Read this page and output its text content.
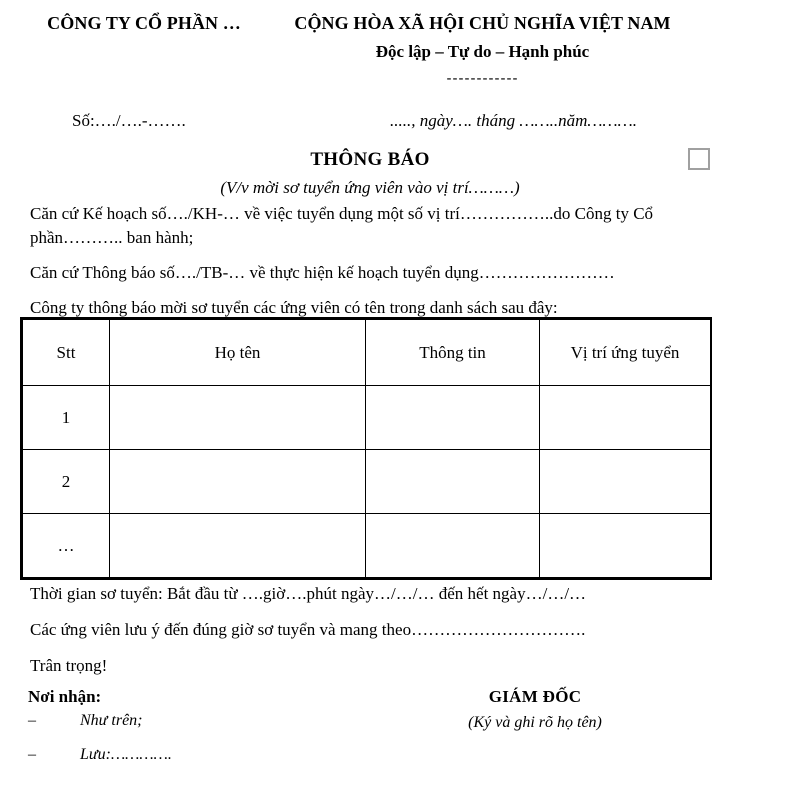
CÔNG TY CỔ PHẦN …	CỘNG HÒA XÃ HỘI CHỦ NGHĨA VIỆT NAM
Độc lập – Tự do – Hạnh phúc
------------
Số:…./….-…….	....., ngày…. tháng ……..năm……….
THÔNG BÁO
(V/v mời sơ tuyển ứng viên vào vị trí………)

Căn cứ Kế hoạch số…./KH-… về việc tuyển dụng một số vị trí……………..do Công ty Cổ phần……….. ban hành;

Căn cứ Thông báo số…./TB-… về thực hiện kế hoạch tuyển dụng……………………

Công ty thông báo mời sơ tuyển các ứng viên có tên trong danh sách sau đây:

Stt	Họ tên	Thông tin	Vị trí ứng tuyển
1			
2			
…			

Thời gian sơ tuyển: Bắt đầu từ ….giờ….phút ngày…/…/… đến hết ngày…/…/…

Các ứng viên lưu ý đến đúng giờ sơ tuyển và mang theo………………………….

Trân trọng!

Nơi nhận:
–	Như trên;
–	Lưu:………….
GIÁM ĐỐC
(Ký và ghi rõ họ tên)
